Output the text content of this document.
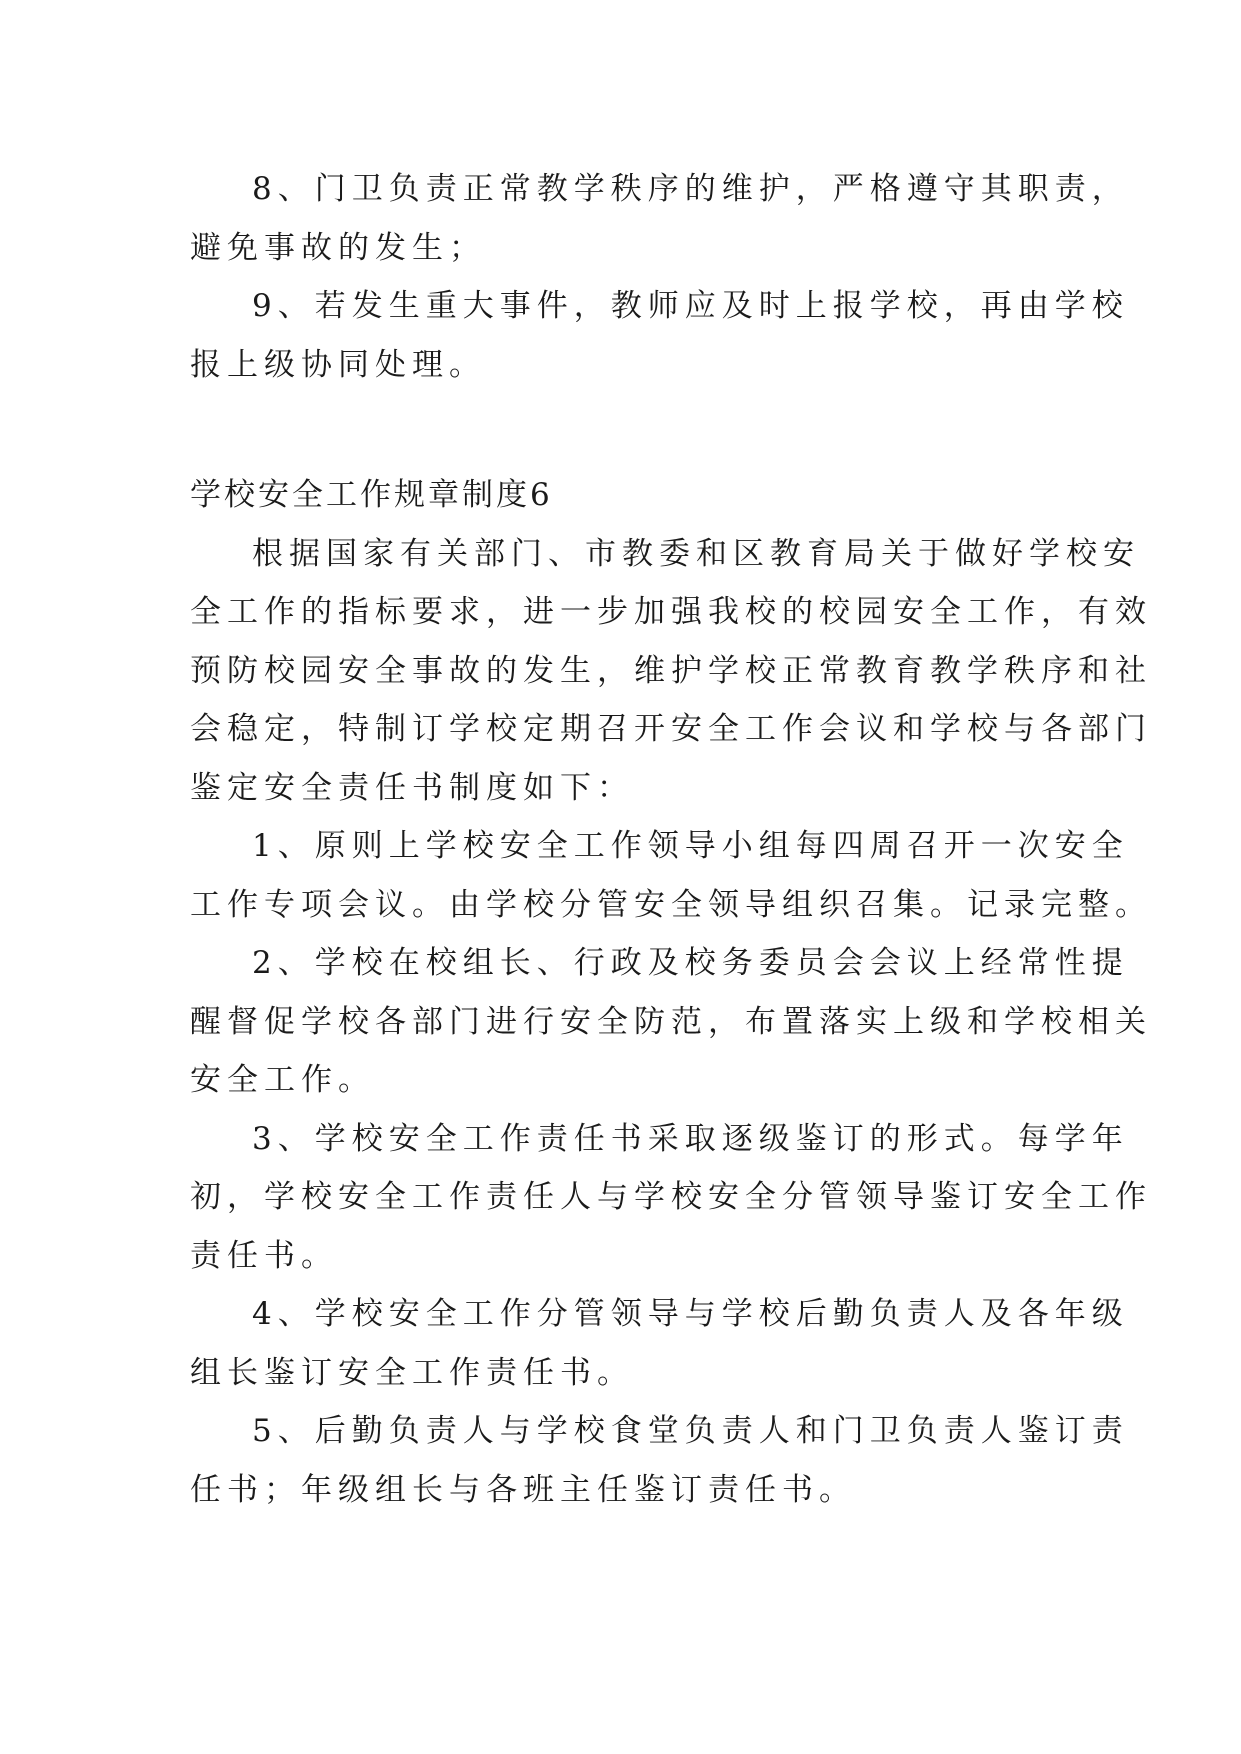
8、门卫负责正常教学秩序的维护，严格遵守其职责，
避免事故的发生；
9、若发生重大事件，教师应及时上报学校，再由学校
报上级协同处理。
学校安全工作规章制度6
根据国家有关部门、市教委和区教育局关于做好学校安
全工作的指标要求，进一步加强我校的校园安全工作，有效
预防校园安全事故的发生，维护学校正常教育教学秩序和社
会稳定，特制订学校定期召开安全工作会议和学校与各部门
鉴定安全责任书制度如下：
1、原则上学校安全工作领导小组每四周召开一次安全
工作专项会议。由学校分管安全领导组织召集。记录完整。
2、学校在校组长、行政及校务委员会会议上经常性提
醒督促学校各部门进行安全防范，布置落实上级和学校相关
安全工作。
3、学校安全工作责任书采取逐级鉴订的形式。每学年
初，学校安全工作责任人与学校安全分管领导鉴订安全工作
责任书。
4、学校安全工作分管领导与学校后勤负责人及各年级
组长鉴订安全工作责任书。
5、后勤负责人与学校食堂负责人和门卫负责人鉴订责
任书；年级组长与各班主任鉴订责任书。
